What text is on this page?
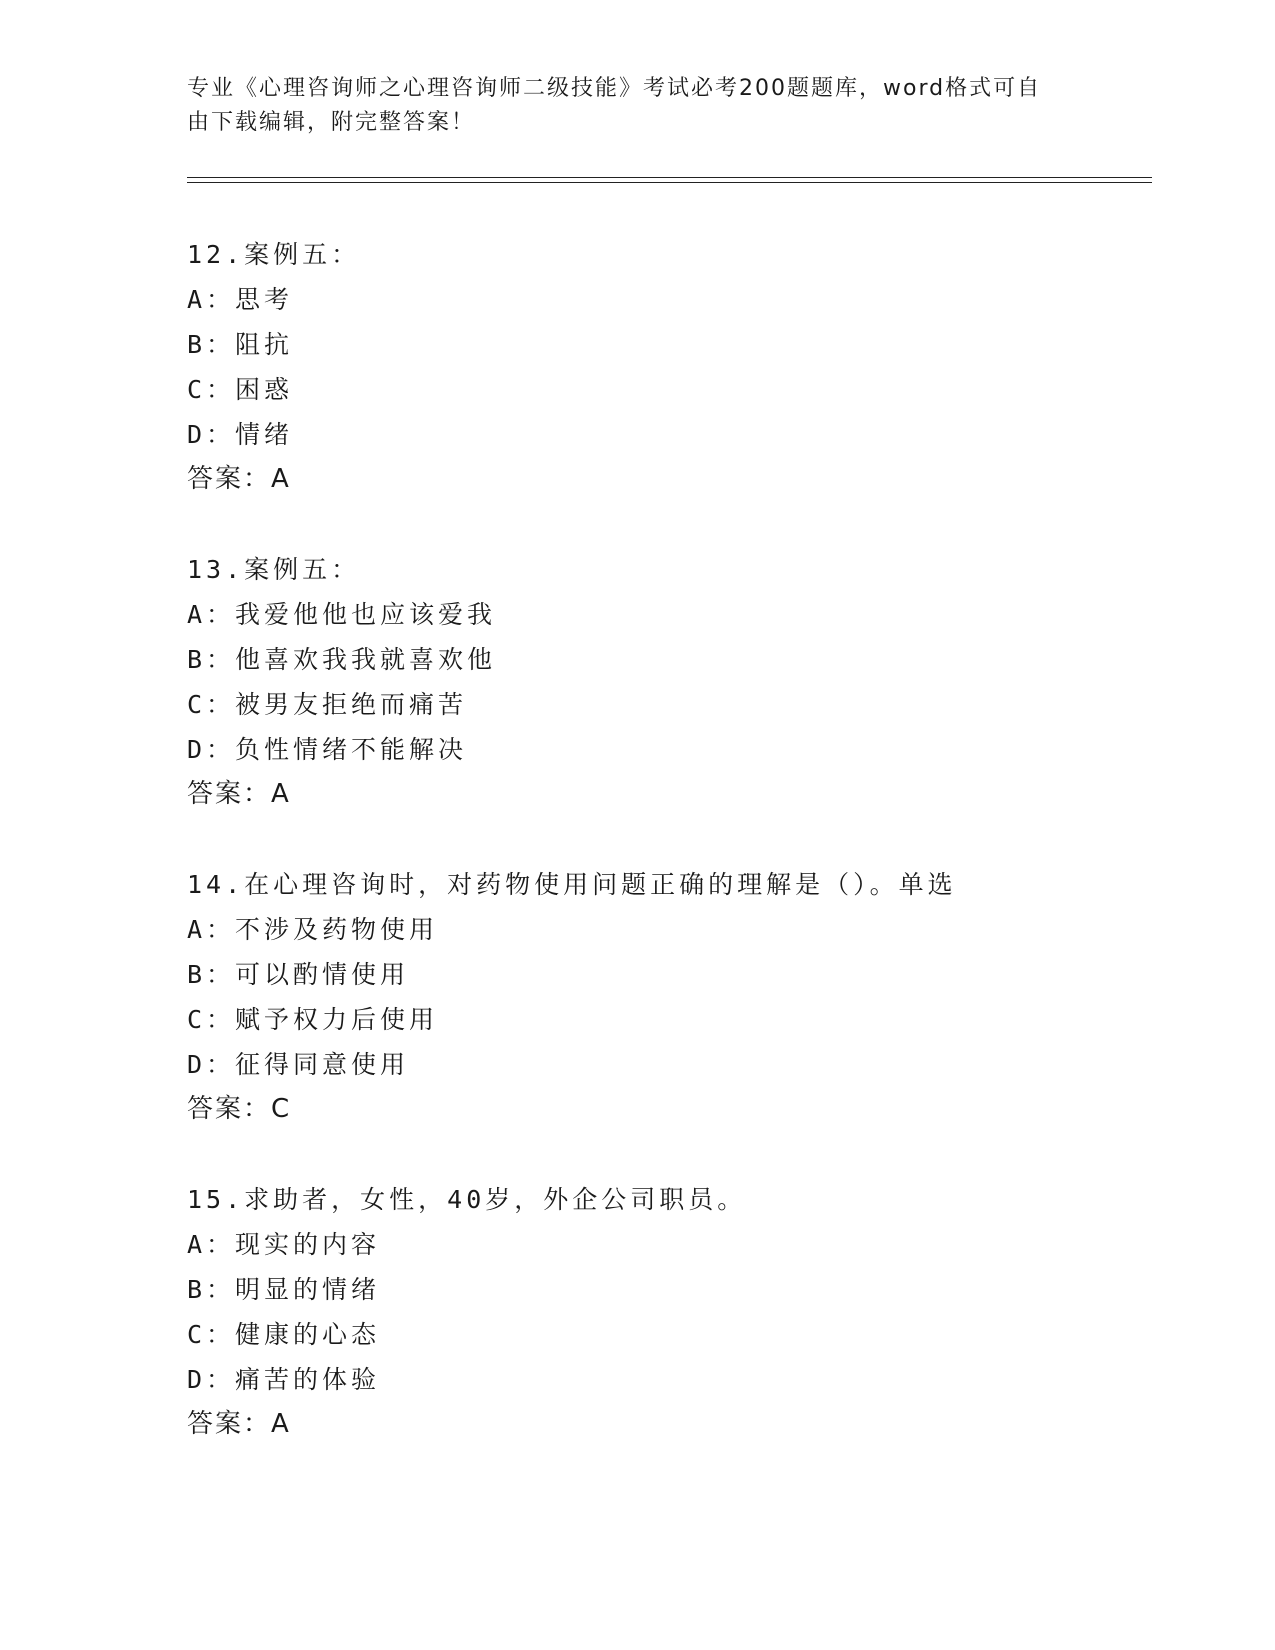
专业《心理咨询师之心理咨询师二级技能》考试必考200题题库，word格式可自
由下载编辑，附完整答案！
12.案例五：
A：思考
B：阻抗
C：困惑
D：情绪
答案：A
13.案例五：
A：我爱他他也应该爱我
B：他喜欢我我就喜欢他
C：被男友拒绝而痛苦
D：负性情绪不能解决
答案：A
14.在心理咨询时，对药物使用问题正确的理解是（）。单选
A：不涉及药物使用
B：可以酌情使用
C：赋予权力后使用
D：征得同意使用
答案：C
15.求助者，女性，40岁，外企公司职员。
A：现实的内容
B：明显的情绪
C：健康的心态
D：痛苦的体验
答案：A
